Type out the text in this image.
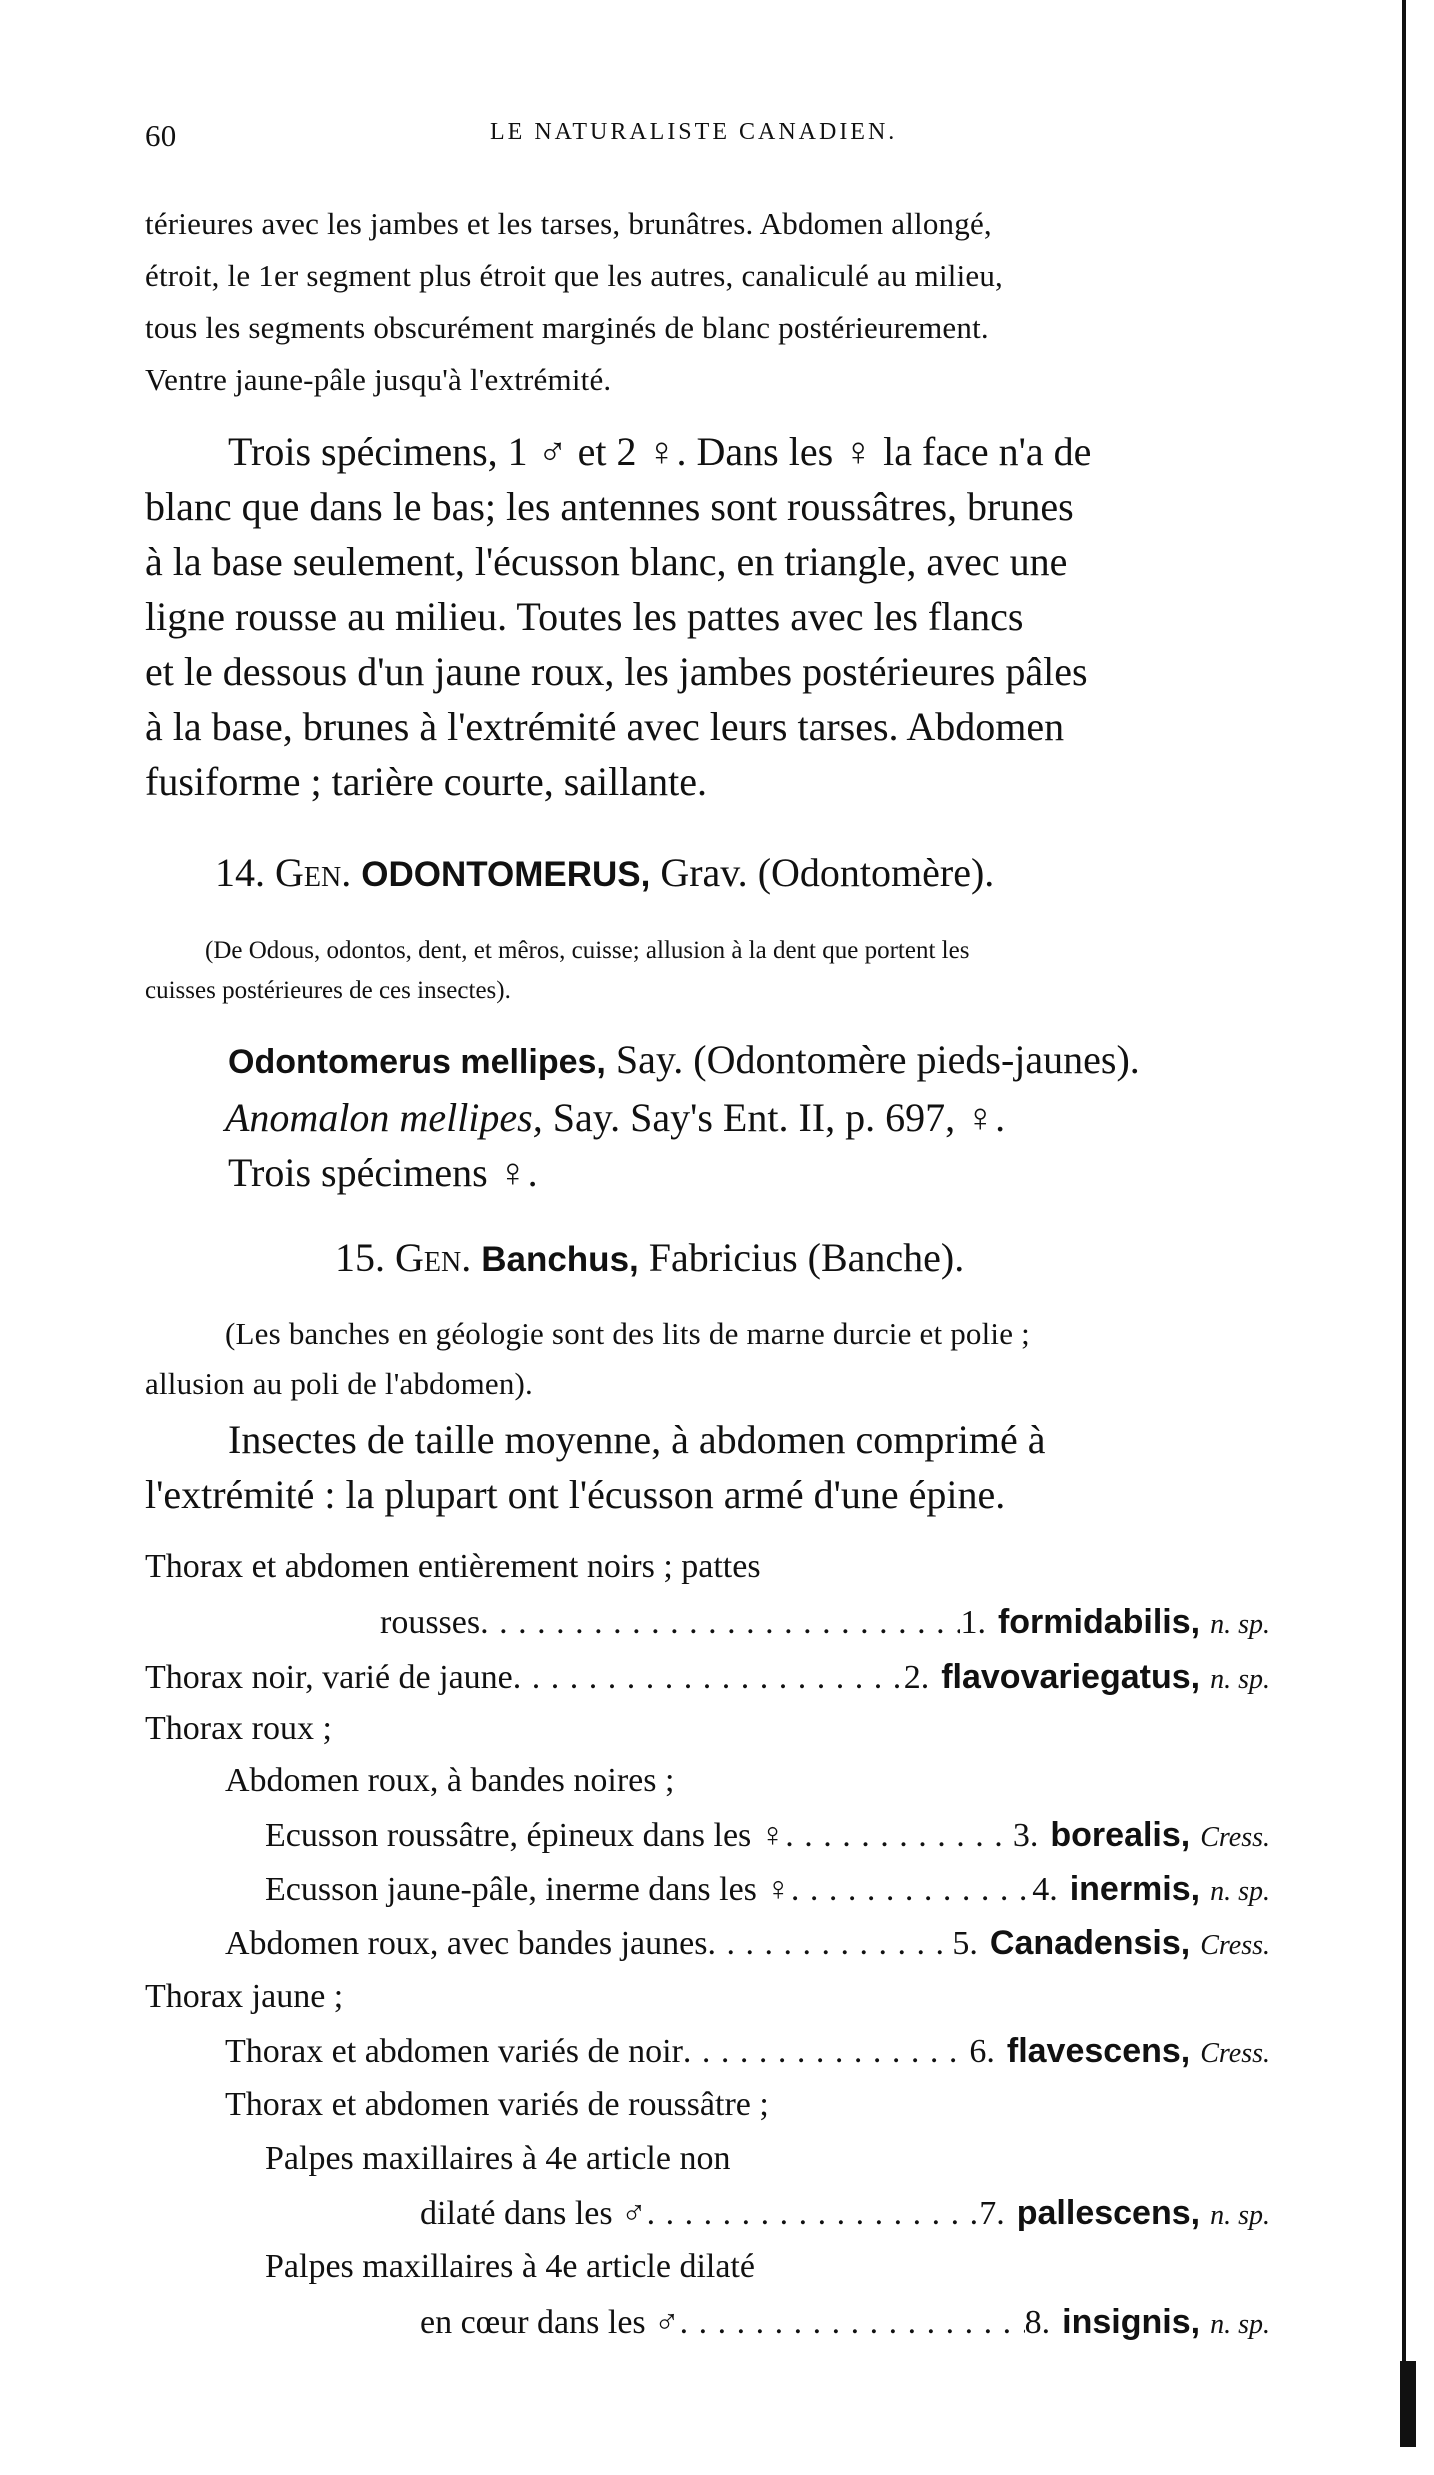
60	LE NATURALISTE CANADIEN.
térieures avec les jambes et les tarses, brunâtres. Abdomen allongé,
étroit, le 1er segment plus étroit que les autres, canaliculé au milieu,
tous les segments obscurément marginés de blanc postérieurement.
Ventre jaune-pâle jusqu'à l'extrémité.
Trois spécimens, 1 ♂ et 2 ♀. Dans les ♀ la face n'a de
blanc que dans le bas; les antennes sont roussâtres, brunes
à la base seulement, l'écusson blanc, en triangle, avec une
ligne rousse au milieu. Toutes les pattes avec les flancs
et le dessous d'un jaune roux, les jambes postérieures pâles
à la base, brunes à l'extrémité avec leurs tarses. Abdomen
fusiforme ; tarière courte, saillante.
14. Gen. ODONTOMERUS, Grav. (Odontomère).
(De Odous, odontos, dent, et mêros, cuisse; allusion à la dent que portent les
cuisses postérieures de ces insectes).
Odontomerus mellipes, Say. (Odontomère pieds-jaunes).
Anomalon mellipes, Say. Say's Ent. II, p. 697, ♀.
Trois spécimens ♀.
15. Gen. Banchus, Fabricius (Banche).
(Les banches en géologie sont des lits de marne durcie et polie ;
allusion au poli de l'abdomen).
Insectes de taille moyenne, à abdomen comprimé à
l'extrémité : la plupart ont l'écusson armé d'une épine.
Thorax et abdomen entièrement noirs ; pattes
rousses . . .	1. formidabilis, n. sp.
Thorax noir, varié de jaune . . .	2. flavovariegatus, n. sp.
Thorax roux ;
Abdomen roux, à bandes noires ;
Ecusson roussâtre, épineux dans les ♀ . . .	3. borealis, Cress.
Ecusson jaune-pâle, inerme dans les ♀ . . .	4. inermis, n. sp.
Abdomen roux, avec bandes jaunes . . .	5. Canadensis, Cress.
Thorax jaune ;
Thorax et abdomen variés de noir . . .	6. flavescens, Cress.
Thorax et abdomen variés de roussâtre ;
Palpes maxillaires à 4e article non
dilaté dans les ♂ . . .	7. pallescens, n. sp.
Palpes maxillaires à 4e article dilaté
en cœur dans les ♂ . . .	8. insignis, n. sp.
